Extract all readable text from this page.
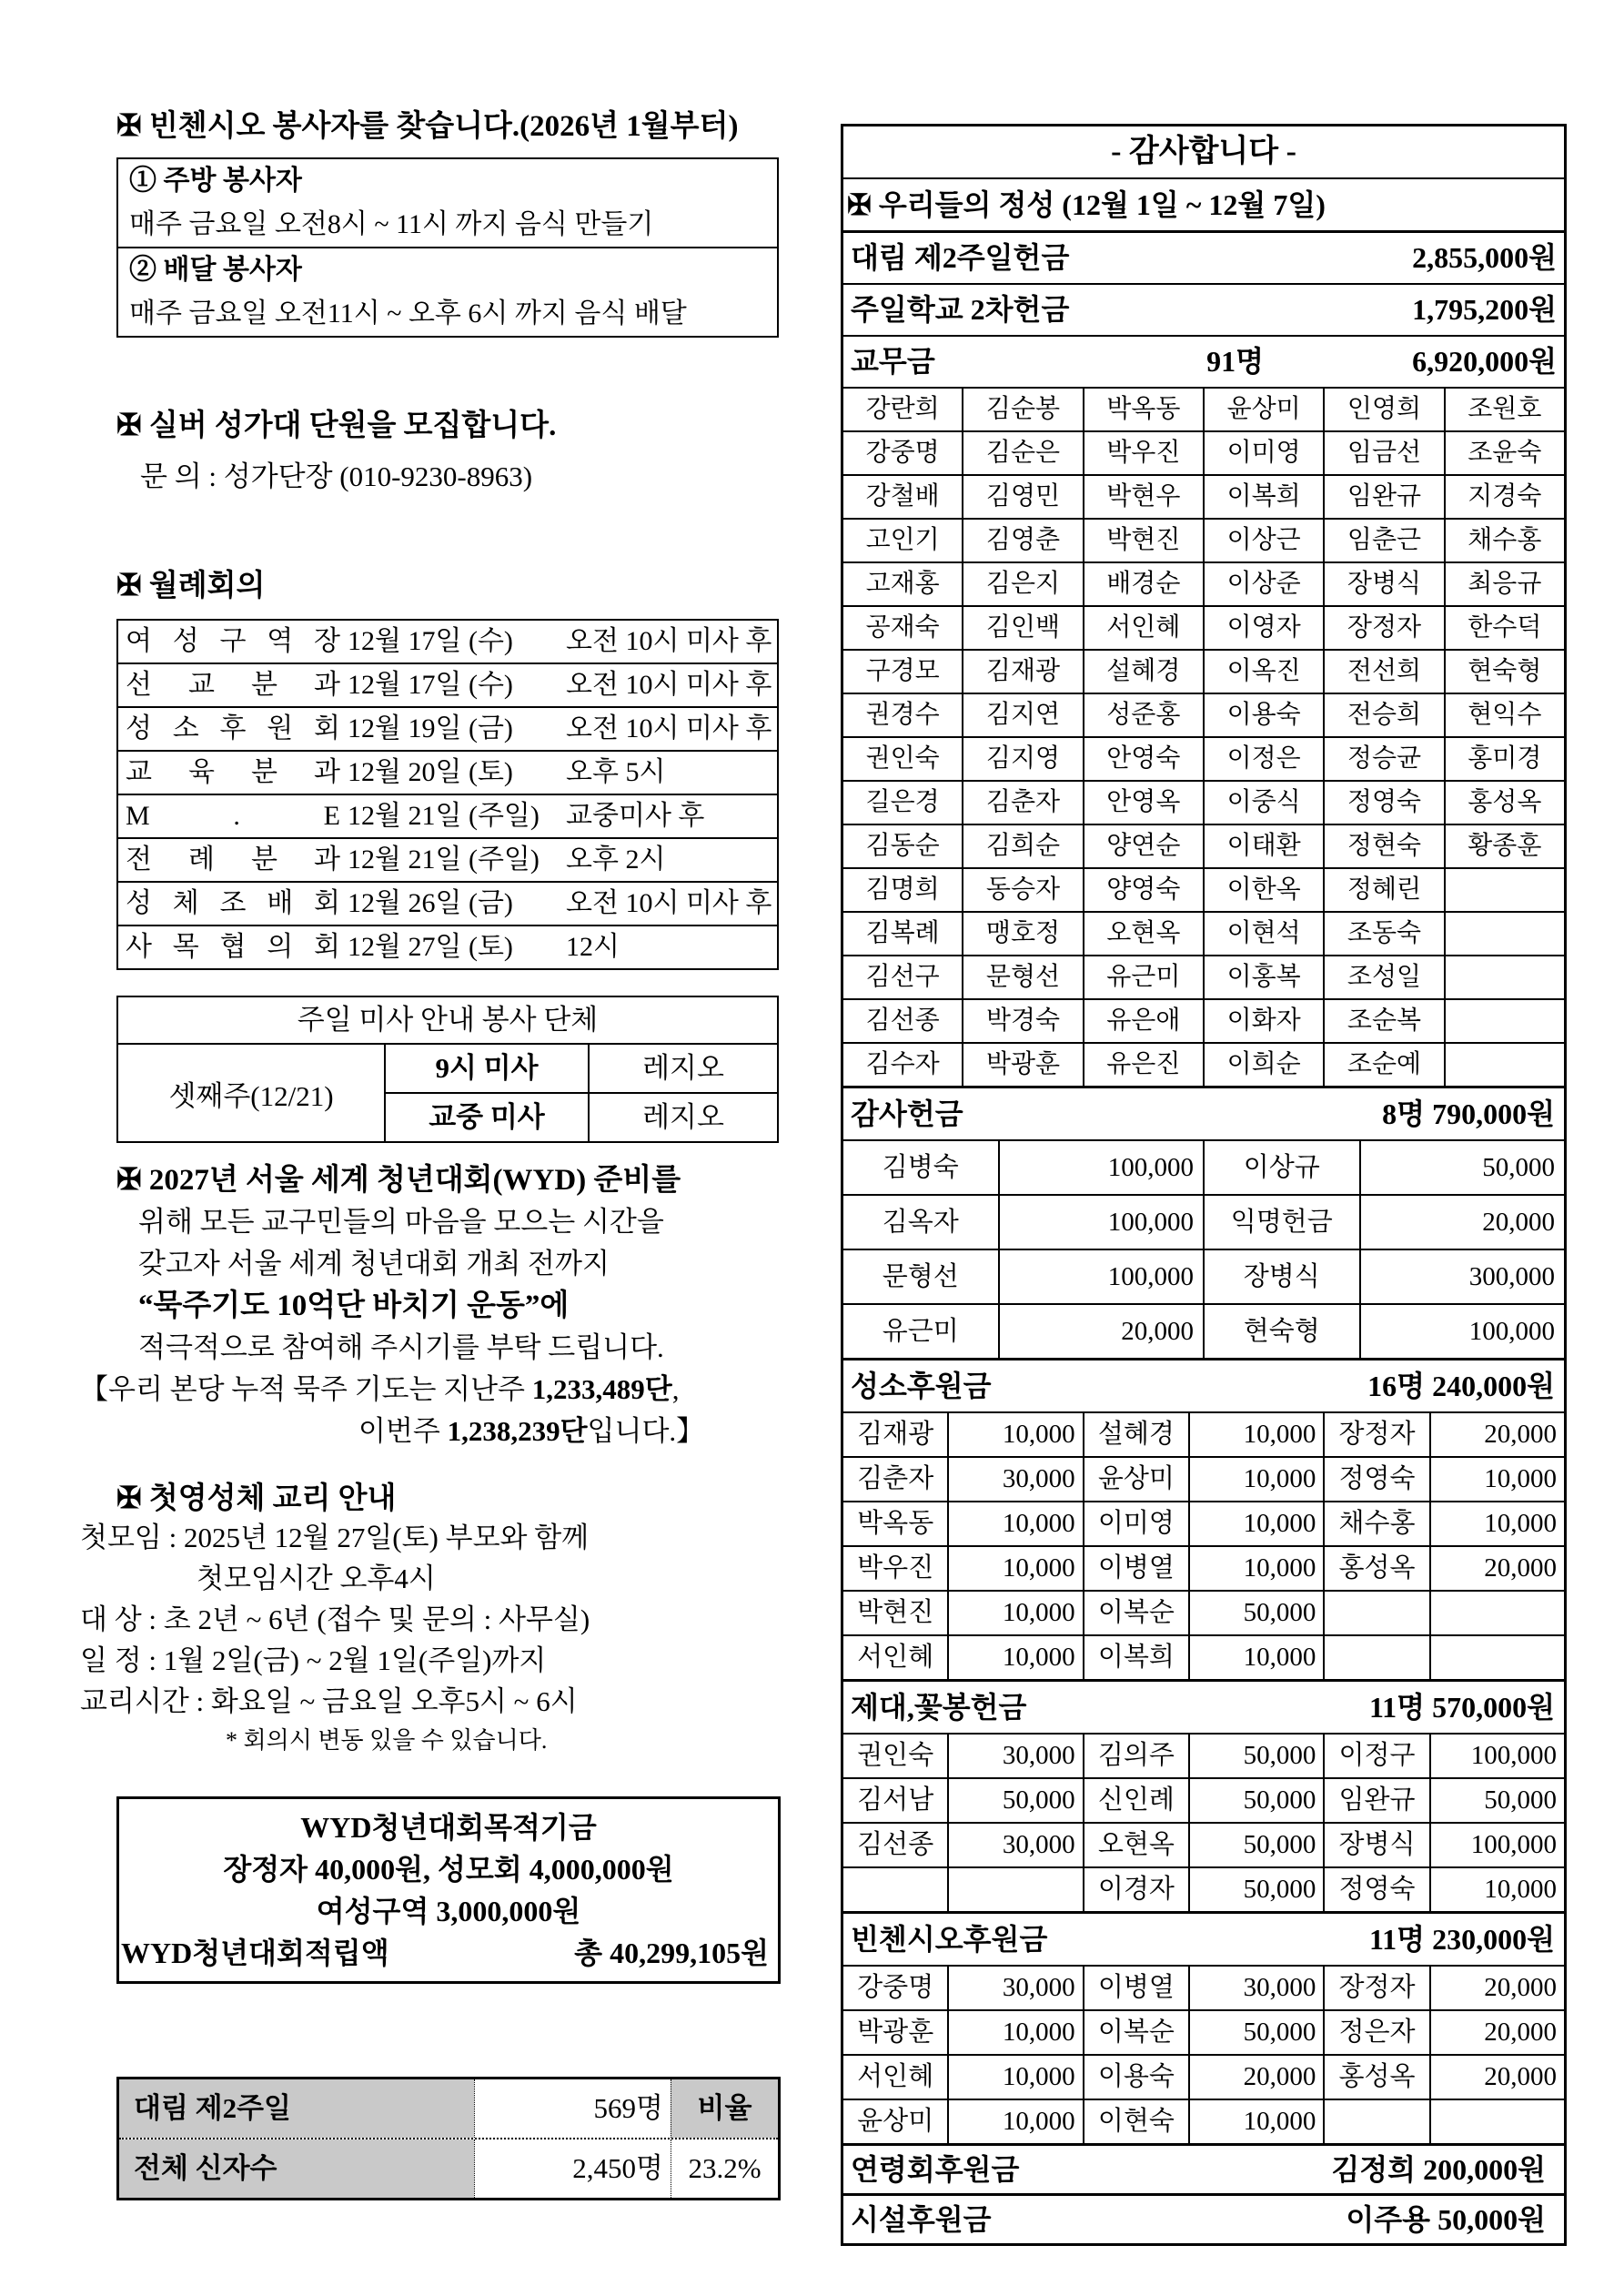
✠ 빈첸시오 봉사자를 찾습니다.(2026년 1월부터)
① 주방 봉사자
매주 금요일 오전8시 ~ 11시 까지 음식 만들기
② 배달 봉사자
매주 금요일 오전11시 ~ 오후 6시 까지 음식 배달
✠ 실버 성가대 단원을 모집합니다.
문 의 : 성가단장 (010-9230-8963)
✠ 월례회의
여 성 구 역 장 12월 17일 (수)	오전 10시 미사 후
선 교 분 과 12월 17일 (수)	오전 10시 미사 후
성 소 후 원 회 12월 19일 (금)	오전 10시 미사 후
교 육 분 과 12월 20일 (토)	오후 5시
M . E 12월 21일 (주일) 교중미사 후
전 례 분 과 12월 21일 (주일) 오후 2시
성 체 조 배 회 12월 26일 (금)	오전 10시 미사 후
사 목 협 의 회 12월 27일 (토)	12시
주일 미사 안내 봉사 단체
셋째주(12/21)
9시 미사	레지오
교중 미사	레지오
✠ 2027년 서울 세계 청년대회(WYD) 준비를
위해 모든 교구민들의 마음을 모으는 시간을
갖고자 서울 세계 청년대회 개최 전까지
“묵주기도 10억단 바치기 운동”에
적극적으로 참여해 주시기를 부탁 드립니다.
【우리 본당 누적 묵주 기도는 지난주 1,233,489단,
이번주 1,238,239단입니다.】
✠ 첫영성체 교리 안내
첫모임 : 2025년 12월 27일(토) 부모와 함께
첫모임시간 오후4시
대 상 : 초 2년 ~ 6년 (접수 및 문의 : 사무실)
일 정 : 1월 2일(금) ~ 2월 1일(주일)까지
교리시간 : 화요일 ~ 금요일 오후5시 ~ 6시
* 회의시 변동 있을 수 있습니다.
WYD청년대회목적기금
장정자 40,000원, 성모회 4,000,000원
여성구역 3,000,000원
WYD청년대회적립액	총 40,299,105원
대림 제2주일	569명	비율
전체 신자수	2,450명 23.2%
- 감사합니다 -
✠ 우리들의 정성 (12월 1일 ~ 12월 7일)
대림 제2주일헌금	2,855,000원
주일학교 2차헌금	1,795,200원
교무금	91명	6,920,000원
강란희	김순봉	박옥동	윤상미	인영희	조원호
강중명	김순은	박우진	이미영	임금선	조윤숙
강철배	김영민	박현우	이복희	임완규	지경숙
고인기	김영춘	박현진	이상근	임춘근	채수홍
고재홍	김은지	배경순	이상준	장병식	최응규
공재숙	김인백	서인혜	이영자	장정자	한수덕
구경모	김재광	설혜경	이옥진	전선희	현숙형
권경수	김지연	성준홍	이용숙	전승희	현익수
권인숙	김지영	안영숙	이정은	정승균	홍미경
길은경	김춘자	안영옥	이중식	정영숙	홍성옥
김동순	김희순	양연순	이태환	정현숙	황종훈
김명희	동승자	양영숙	이한옥	정혜린
김복례	맹호정	오현옥	이현석	조동숙
김선구	문형선	유근미	이홍복	조성일
김선종	박경숙	유은애	이화자	조순복
김수자	박광훈	유은진	이희순	조순예
감사헌금	8명 790,000원
김병숙	100,000	이상규	50,000
김옥자	100,000	익명헌금	20,000
문형선	100,000	장병식	300,000
유근미	20,000	현숙형	100,000
성소후원금	16명 240,000원
김재광	10,000 설혜경	10,000 장정자	20,000
김춘자	30,000 윤상미	10,000 정영숙	10,000
박옥동	10,000 이미영	10,000 채수홍	10,000
박우진	10,000 이병열	10,000 홍성옥	20,000
박현진	10,000 이복순	50,000
서인혜	10,000 이복희	10,000
제대,꽃봉헌금	11명 570,000원
권인숙	30,000 김의주	50,000 이정구	100,000
김서남	50,000 신인례	50,000 임완규	50,000
김선종	30,000 오현옥	50,000 장병식	100,000
이경자	50,000 정영숙	10,000
빈첸시오후원금	11명 230,000원
강중명	30,000 이병열	30,000 장정자	20,000
박광훈	10,000 이복순	50,000 정은자	20,000
서인혜	10,000 이용숙	20,000 홍성옥	20,000
윤상미	10,000 이현숙	10,000
연령회후원금	김정희 200,000원
시설후원금	이주용 50,000원
